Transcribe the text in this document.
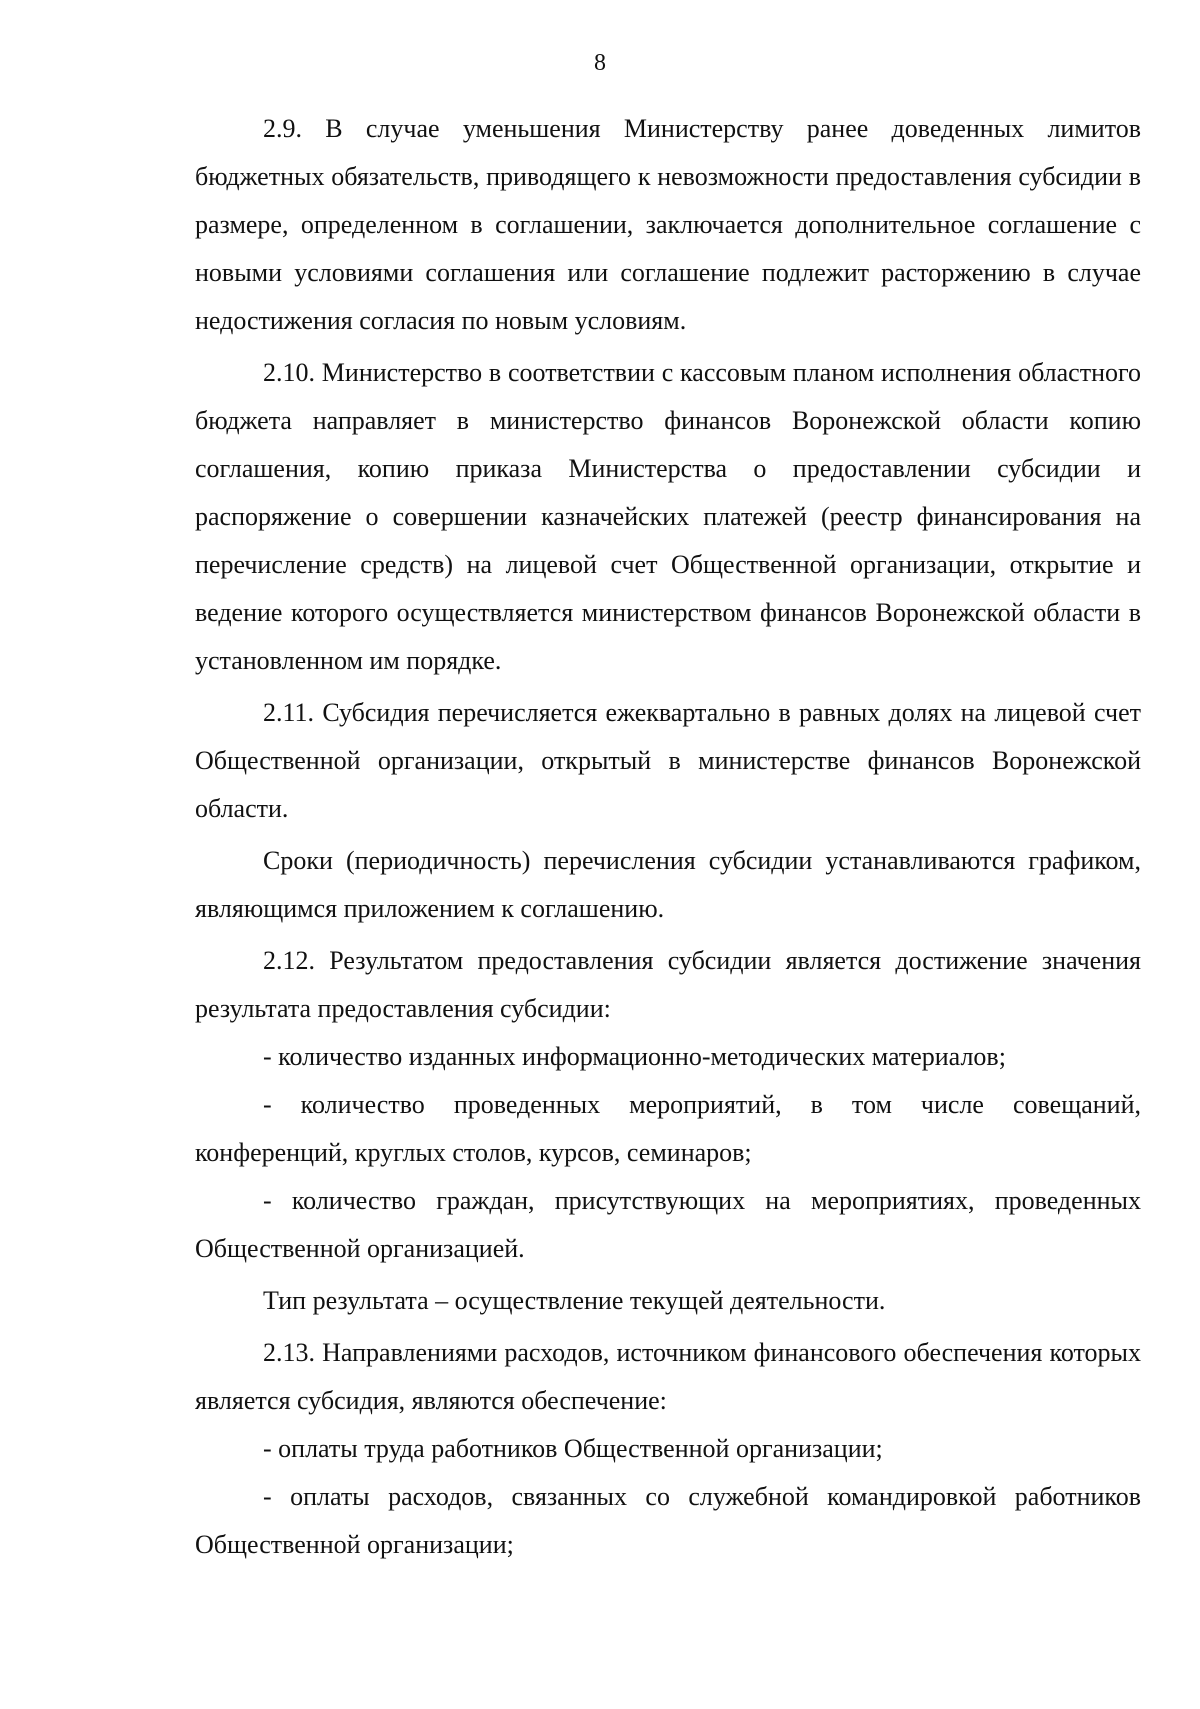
8

2.9. В случае уменьшения Министерству ранее доведенных лимитов бюджетных обязательств, приводящего к невозможности предоставления субсидии в размере, определенном в соглашении, заключается дополнительное соглашение с новыми условиями соглашения или соглашение подлежит расторжению в случае недостижения согласия по новым условиям.

2.10. Министерство в соответствии с кассовым планом исполнения областного бюджета направляет в министерство финансов Воронежской области копию соглашения, копию приказа Министерства о предоставлении субсидии и распоряжение о совершении казначейских платежей (реестр финансирования на перечисление средств) на лицевой счет Общественной организации, открытие и ведение которого осуществляется министерством финансов Воронежской области в установленном им порядке.

2.11. Субсидия перечисляется ежеквартально в равных долях на лицевой счет Общественной организации, открытый в министерстве финансов Воронежской области.

Сроки (периодичность) перечисления субсидии устанавливаются графиком, являющимся приложением к соглашению.

2.12. Результатом предоставления субсидии является достижение значения результата предоставления субсидии:

- количество изданных информационно-методических материалов;

- количество проведенных мероприятий, в том числе совещаний, конференций, круглых столов, курсов, семинаров;

- количество граждан, присутствующих на мероприятиях, проведенных Общественной организацией.

Тип результата – осуществление текущей деятельности.

2.13. Направлениями расходов, источником финансового обеспечения которых является субсидия, являются обеспечение:

- оплаты труда работников Общественной организации;

- оплаты расходов, связанных со служебной командировкой работников Общественной организации;
